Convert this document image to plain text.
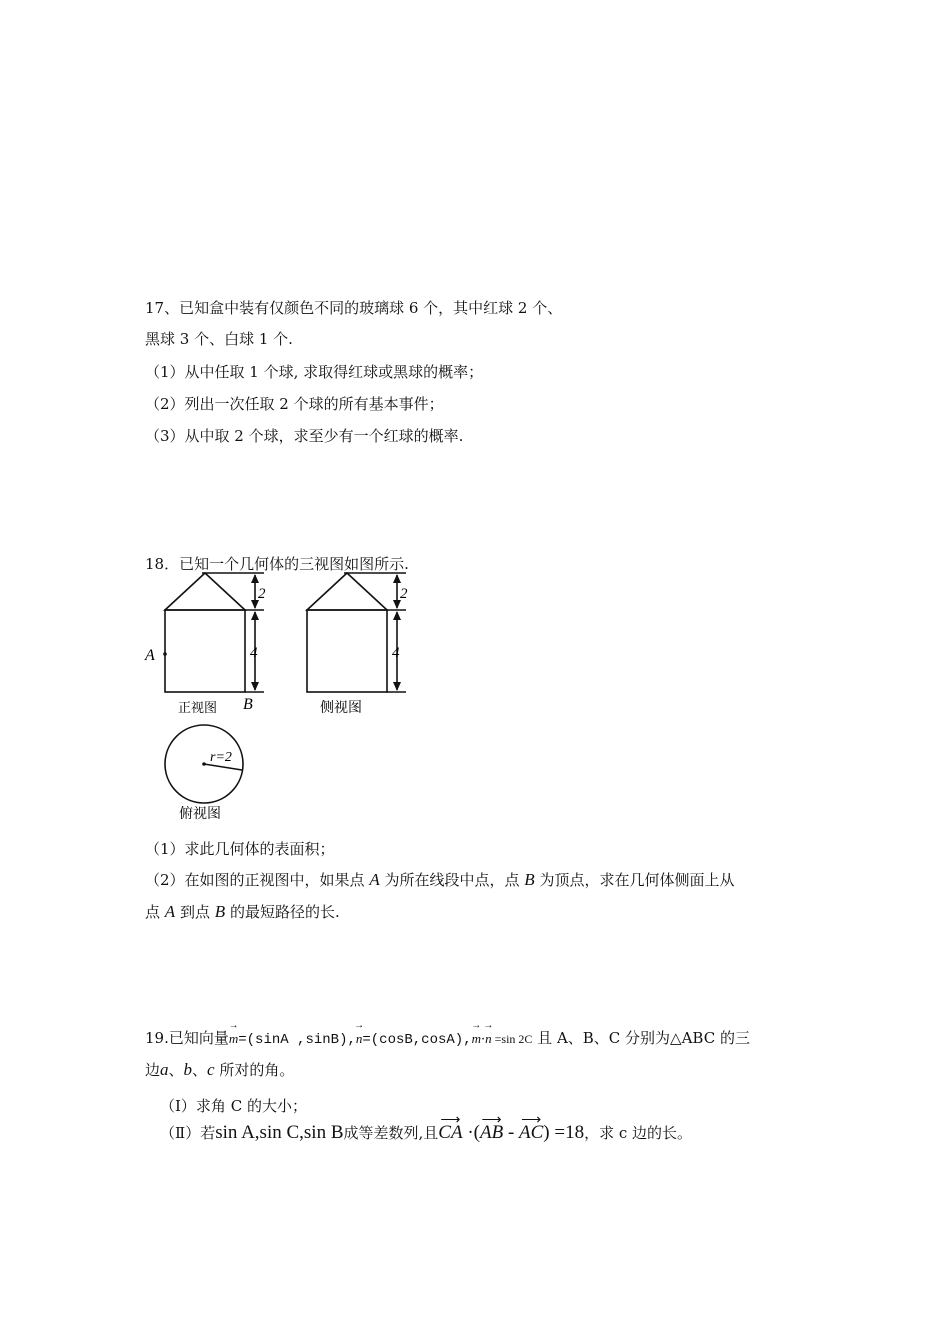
17、已知盒中装有仅颜色不同的玻璃球 6 个，其中红球 2 个、
黑球 3 个、白球 1 个.
（1）从中任取 1 个球, 求取得红球或黑球的概率；
（2）列出一次任取 2 个球的所有基本事件；
（3）从中取 2 个球，求至少有一个红球的概率.
18．已知一个几何体的三视图如图所示.
2
4
A
B
正视图
2
4
侧视图
r=2
俯视图
（1）求此几何体的表面积；
（2）在如图的正视图中，如果点 A 为所在线段中点，点 B 为顶点，求在几何体侧面上从
点 A 到点 B 的最短路径的长.
19.已知向量→ m=(sinA ,sinB),→ n=(cosB,cosA),→ m·→ n =sin 2C 且 A、B、C 分别为△ABC 的三
边a、b、c 所对的角。
（Ⅰ）求角 C 的大小；
（Ⅱ）若sin A,sin C,sin B成等差数列,且⟶ CA ·(⟶ AB - ⟶ AC) =18，求 c 边的长。
